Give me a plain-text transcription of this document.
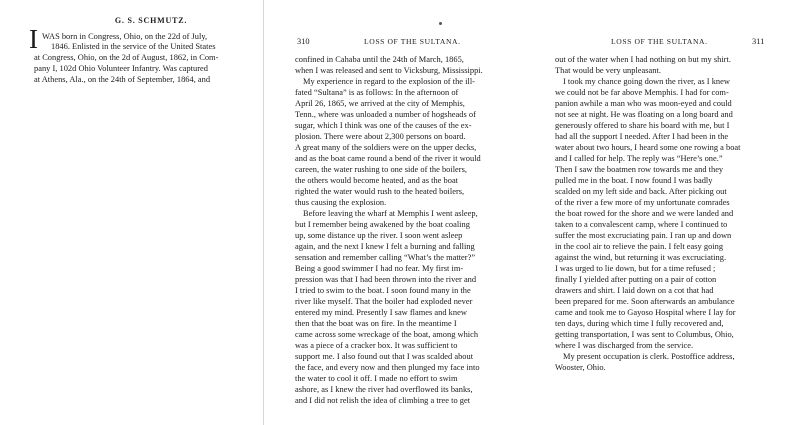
G. S. SCHMUTZ.
I WAS born in Congress, Ohio, on the 22d of July,
1846. Enlisted in the service of the United States
at Congress, Ohio, on the 2d of August, 1862, in Com-
pany I, 102d Ohio Volunteer Infantry. Was captured
at Athens, Ala., on the 24th of September, 1864, and
310	LOSS OF THE SULTANA.
confined in Cahaba until the 24th of March, 1865,
when I was released and sent to Vicksburg, Mississippi.
My experience in regard to the explosion of the ill-
fated “Sultana” is as follows: In the afternoon of
April 26, 1865, we arrived at the city of Memphis,
Tenn., where was unloaded a number of hogsheads of
sugar, which I think was one of the causes of the ex-
plosion. There were about 2,300 persons on board.
A great many of the soldiers were on the upper decks,
and as the boat came round a bend of the river it would
careen, the water rushing to one side of the boilers,
the others would become heated, and as the boat
righted the water would rush to the heated boilers,
thus causing the explosion.
Before leaving the wharf at Memphis I went asleep,
but I remember being awakened by the boat coaling
up, some distance up the river. I soon went asleep
again, and the next I knew I felt a burning and falling
sensation and remember calling “What’s the matter?”
Being a good swimmer I had no fear. My first im-
pression was that I had been thrown into the river and
I tried to swim to the boat. I soon found many in the
river like myself. That the boiler had exploded never
entered my mind. Presently I saw flames and knew
then that the boat was on fire. In the meantime I
came across some wreckage of the boat, among which
was a piece of a cracker box. It was sufficient to
support me. I also found out that I was scalded about
the face, and every now and then plunged my face into
the water to cool it off. I made no effort to swim
ashore, as I knew the river had overflowed its banks,
and I did not relish the idea of climbing a tree to get
LOSS OF THE SULTANA.	311
out of the water when I had nothing on but my shirt.
That would be very unpleasant.
I took my chance going down the river, as I knew
we could not be far above Memphis. I had for com-
panion awhile a man who was moon-eyed and could
not see at night. He was floating on a long board and
generously offered to share his board with me, but I
had all the support I needed. After I had been in the
water about two hours, I heard some one rowing a boat
and I called for help. The reply was “Here’s one.”
Then I saw the boatmen row towards me and they
pulled me in the boat. I now found I was badly
scalded on my left side and back. After picking out
of the river a few more of my unfortunate comrades
the boat rowed for the shore and we were landed and
taken to a convalescent camp, where I continued to
suffer the most excruciating pain. I ran up and down
in the cool air to relieve the pain. I felt easy going
against the wind, but returning it was excruciating.
I was urged to lie down, but for a time refused ;
finally I yielded after putting on a pair of cotton
drawers and shirt. I laid down on a cot that had
been prepared for me. Soon afterwards an ambulance
came and took me to Gayoso Hospital where I lay for
ten days, during which time I fully recovered and,
getting transportation, I was sent to Columbus, Ohio,
where I was discharged from the service.
My present occupation is clerk. Postoffice address,
Wooster, Ohio.
